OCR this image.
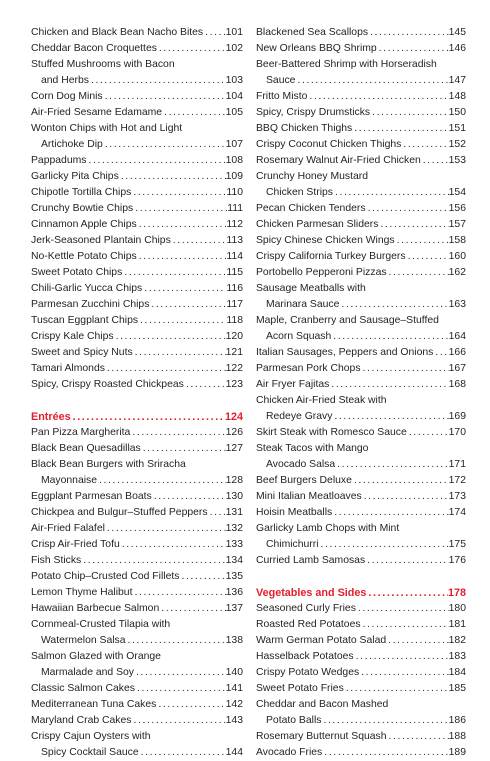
Chicken and Black Bean Nacho Bites ..... 101
Cheddar Bacon Croquettes .....	102
Stuffed Mushrooms with Bacon
and Herbs .....	103
Corn Dog Minis .....	104
Air-Fried Sesame Edamame .....	105
Wonton Chips with Hot and Light
Artichoke Dip .....	107
Pappadums .....	108
Garlicky Pita Chips .....	109
Chipotle Tortilla Chips .....	110
Crunchy Bowtie Chips .....	111
Cinnamon Apple Chips .....	112
Jerk-Seasoned Plantain Chips .....	113
No-Kettle Potato Chips .....	114
Sweet Potato Chips .....	115
Chili-Garlic Yucca Chips .....	116
Parmesan Zucchini Chips .....	117
Tuscan Eggplant Chips .....	118
Crispy Kale Chips .....	120
Sweet and Spicy Nuts .....	121
Tamari Almonds .....	122
Spicy, Crispy Roasted Chickpeas .....	123
Entrées .....	124
Pan Pizza Margherita .....	126
Black Bean Quesadillas .....	127
Black Bean Burgers with Sriracha
Mayonnaise .....	128
Eggplant Parmesan Boats .....	130
Chickpea and Bulgur–Stuffed Peppers ..... 131
Air-Fried Falafel .....	132
Crisp Air-Fried Tofu .....	133
Fish Sticks .....	134
Potato Chip–Crusted Cod Fillets .....	135
Lemon Thyme Halibut .....	136
Hawaiian Barbecue Salmon .....	137
Cornmeal-Crusted Tilapia with
Watermelon Salsa .....	138
Salmon Glazed with Orange
Marmalade and Soy .....	140
Classic Salmon Cakes .....	141
Mediterranean Tuna Cakes .....	142
Maryland Crab Cakes .....	143
Crispy Cajun Oysters with
Spicy Cocktail Sauce .....	144
Blackened Sea Scallops .....	145
New Orleans BBQ Shrimp .....	146
Beer-Battered Shrimp with Horseradish
Sauce .....	147
Fritto Misto .....	148
Spicy, Crispy Drumsticks .....	150
BBQ Chicken Thighs .....	151
Crispy Coconut Chicken Thighs .....	152
Rosemary Walnut Air-Fried Chicken .....	153
Crunchy Honey Mustard
Chicken Strips .....	154
Pecan Chicken Tenders .....	156
Chicken Parmesan Sliders .....	157
Spicy Chinese Chicken Wings .....	158
Crispy California Turkey Burgers .....	160
Portobello Pepperoni Pizzas .....	162
Sausage Meatballs with
Marinara Sauce .....	163
Maple, Cranberry and Sausage–Stuffed
Acorn Squash .....	164
Italian Sausages, Peppers and Onions ..... 166
Parmesan Pork Chops .....	167
Air Fryer Fajitas .....	168
Chicken Air-Fried Steak with
Redeye Gravy .....	169
Skirt Steak with Romesco Sauce .....	170
Steak Tacos with Mango
Avocado Salsa .....	171
Beef Burgers Deluxe .....	172
Mini Italian Meatloaves .....	173
Hoisin Meatballs .....	174
Garlicky Lamb Chops with Mint
Chimichurri .....	175
Curried Lamb Samosas .....	176
Vegetables and Sides .....	178
Seasoned Curly Fries .....	180
Roasted Red Potatoes .....	181
Warm German Potato Salad .....	182
Hasselback Potatoes .....	183
Crispy Potato Wedges .....	184
Sweet Potato Fries .....	185
Cheddar and Bacon Mashed
Potato Balls .....	186
Rosemary Butternut Squash .....	188
Avocado Fries .....	189
